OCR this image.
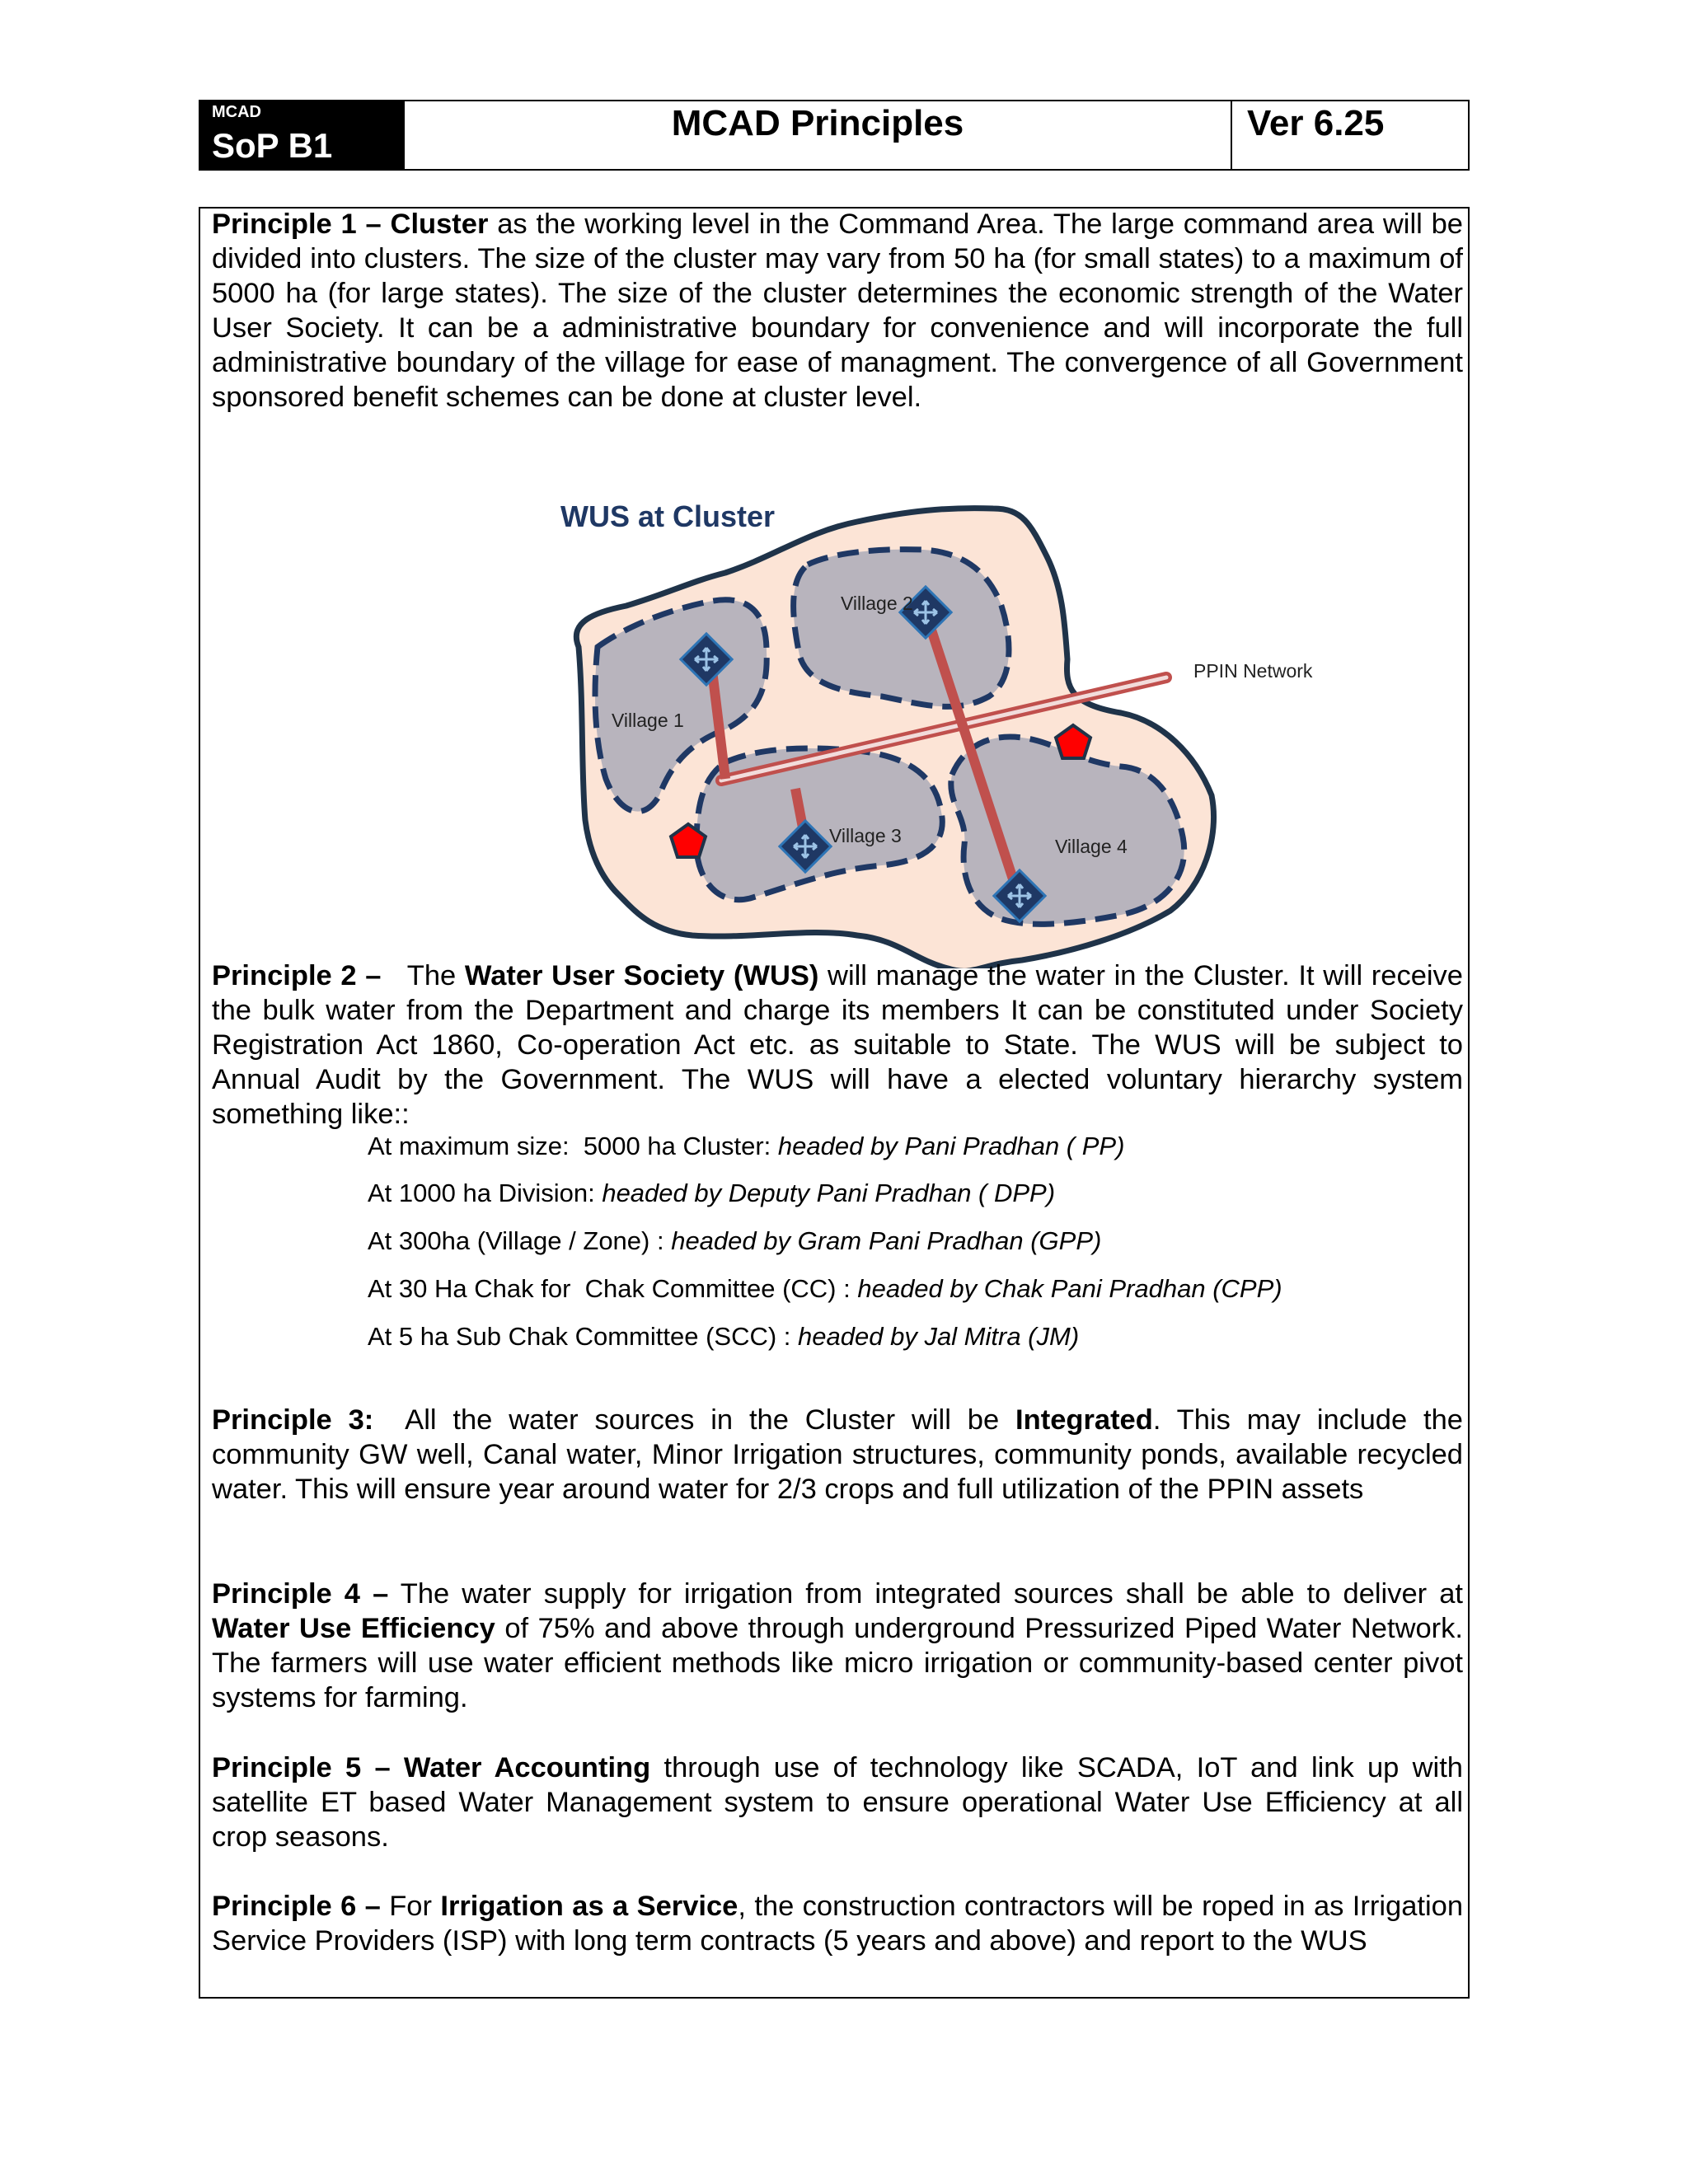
MCAD
SoP B1
MCAD Principles	Ver 6.25
Principle 1 – Cluster as the working level in the Command Area. The large command area will be divided into clusters. The size of the cluster may vary from 50 ha (for small states) to a maximum of 5000 ha (for large states). The size of the cluster determines the economic strength of the Water User Society. It can be a administrative boundary for convenience and will incorporate the full administrative boundary of the village for ease of managment. The convergence of all Government sponsored benefit schemes can be done at cluster level.
WUS at Cluster
Village 1
Village 2
Village 3	Village 4
PPIN Network
Principle 2 –   The Water User Society (WUS) will manage the water in the Cluster. It will receive the bulk water from the Department and charge its members It can be constituted under Society Registration Act 1860, Co-operation Act etc. as suitable to State. The WUS will be subject to Annual Audit by the Government. The WUS will have a elected voluntary hierarchy system something like::
At maximum size:  5000 ha Cluster: headed by Pani Pradhan ( PP)
At 1000 ha Division: headed by Deputy Pani Pradhan ( DPP)
At 300ha (Village / Zone) : headed by Gram Pani Pradhan (GPP)
At 30 Ha Chak for  Chak Committee (CC) : headed by Chak Pani Pradhan (CPP)
At 5 ha Sub Chak Committee (SCC) : headed by Jal Mitra (JM)
Principle 3:  All the water sources in the Cluster will be Integrated. This may include the community GW well, Canal water, Minor Irrigation structures, community ponds, available recycled water. This will ensure year around water for 2/3 crops and full utilization of the PPIN assets
Principle 4 – The water supply for irrigation from integrated sources shall be able to deliver at Water Use Efficiency of 75% and above through underground Pressurized Piped Water Network. The farmers will use water efficient methods like micro irrigation or community-based center pivot systems for farming.
Principle 5 – Water Accounting through use of technology like SCADA, IoT and link up with satellite ET based Water Management system to ensure operational Water Use Efficiency at all crop seasons.
Principle 6 – For Irrigation as a Service, the construction contractors will be roped in as Irrigation Service Providers (ISP) with long term contracts (5 years and above) and report to the WUS
